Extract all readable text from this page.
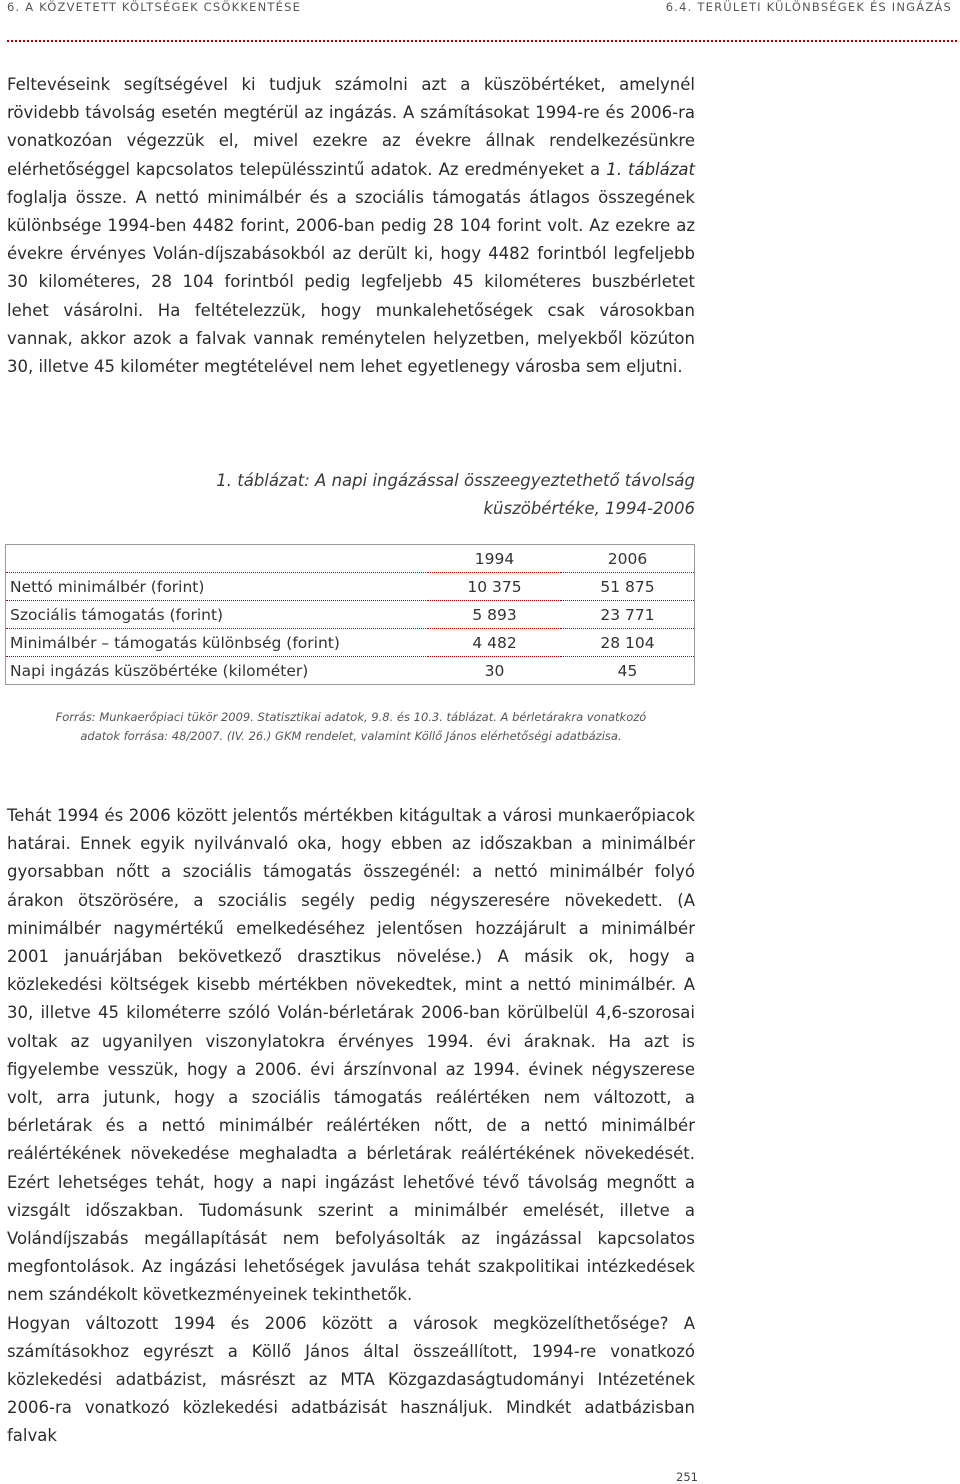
6. A KÖZVETETT KÖLTSÉGEK CSÖKKENTÉSE	6.4. TERÜLETI KÜLÖNBSÉGEK ÉS INGÁZÁS

Feltevéseink segítségével ki tudjuk számolni azt a küszöbértéket, amelynél rövidebb távolság esetén megtérül az ingázás. A számításokat 1994-re és 2006-ra vonatkozóan végezzük el, mivel ezekre az évekre állnak rendelkezésünkre elérhetőséggel kapcsolatos településszintű adatok. Az eredményeket a 1. táblázat foglalja össze. A nettó minimálbér és a szociális támogatás átlagos összegének különbsége 1994-ben 4482 forint, 2006-ban pedig 28 104 forint volt. Az ezekre az évekre érvényes Volán-díjszabásokból az derült ki, hogy 4482 forintból legfeljebb 30 kilométeres, 28 104 forintból pedig legfeljebb 45 kilométeres buszbérletet lehet vásárolni. Ha feltételezzük, hogy munkalehetőségek csak városokban vannak, akkor azok a falvak vannak reménytelen helyzetben, melyekből közúton 30, illetve 45 kilométer megtételével nem lehet egyetlenegy városba sem eljutni.

1. táblázat: A napi ingázással összeegyeztethető távolság
küszöbértéke, 1994-2006
	1994	2006
Nettó minimálbér (forint)	10 375	51 875
Szociális támogatás (forint)	5 893	23 771
Minimálbér – támogatás különbség (forint)	4 482	28 104
Napi ingázás küszöbértéke (kilométer)	30	45
Forrás: Munkaerőpiaci tükör 2009. Statisztikai adatok, 9.8. és 10.3. táblázat. A bérletárakra vonatkozó
adatok forrása: 48/2007. (IV. 26.) GKM rendelet, valamint Köllő János elérhetőségi adatbázisa.

Tehát 1994 és 2006 között jelentős mértékben kitágultak a városi munkaerőpiacok határai. Ennek egyik nyilvánvaló oka, hogy ebben az időszakban a minimálbér gyorsabban nőtt a szociális támogatás összegénél: a nettó minimálbér folyó árakon ötszörösére, a szociális segély pedig négyszeresére növekedett. (A minimálbér nagymértékű emelkedéséhez jelentősen hozzájárult a minimálbér 2001 januárjában bekövetkező drasztikus növelése.) A másik ok, hogy a közlekedési költségek kisebb mértékben növekedtek, mint a nettó minimálbér. A 30, illetve 45 kilométerre szóló Volán-bérletárak 2006-ban körülbelül 4,6-szorosai voltak az ugyanilyen viszonylatokra érvényes 1994. évi áraknak. Ha azt is figyelembe vesszük, hogy a 2006. évi árszínvonal az 1994. évinek négyszerese volt, arra jutunk, hogy a szociális támogatás reálértéken nem változott, a bérletárak és a nettó minimálbér reálértéken nőtt, de a nettó minimálbér reálértékének növekedése meghaladta a bérletárak reálértékének növekedését. Ezért lehetséges tehát, hogy a napi ingázást lehetővé tévő távolság megnőtt a vizsgált időszakban. Tudomásunk szerint a minimálbér emelését, illetve a Volándíjszabás megállapítását nem befolyásolták az ingázással kapcsolatos megfontolások. Az ingázási lehetőségek javulása tehát szakpolitikai intézkedések nem szándékolt következményeinek tekinthetők.

Hogyan változott 1994 és 2006 között a városok megközelíthetősége? A számításokhoz egyrészt a Köllő János által összeállított, 1994-re vonatkozó közlekedési adatbázist, másrészt az MTA Közgazdaságtudományi Intézetének 2006-ra vonatkozó közlekedési adatbázisát használjuk. Mindkét adatbázisban falvak

251
